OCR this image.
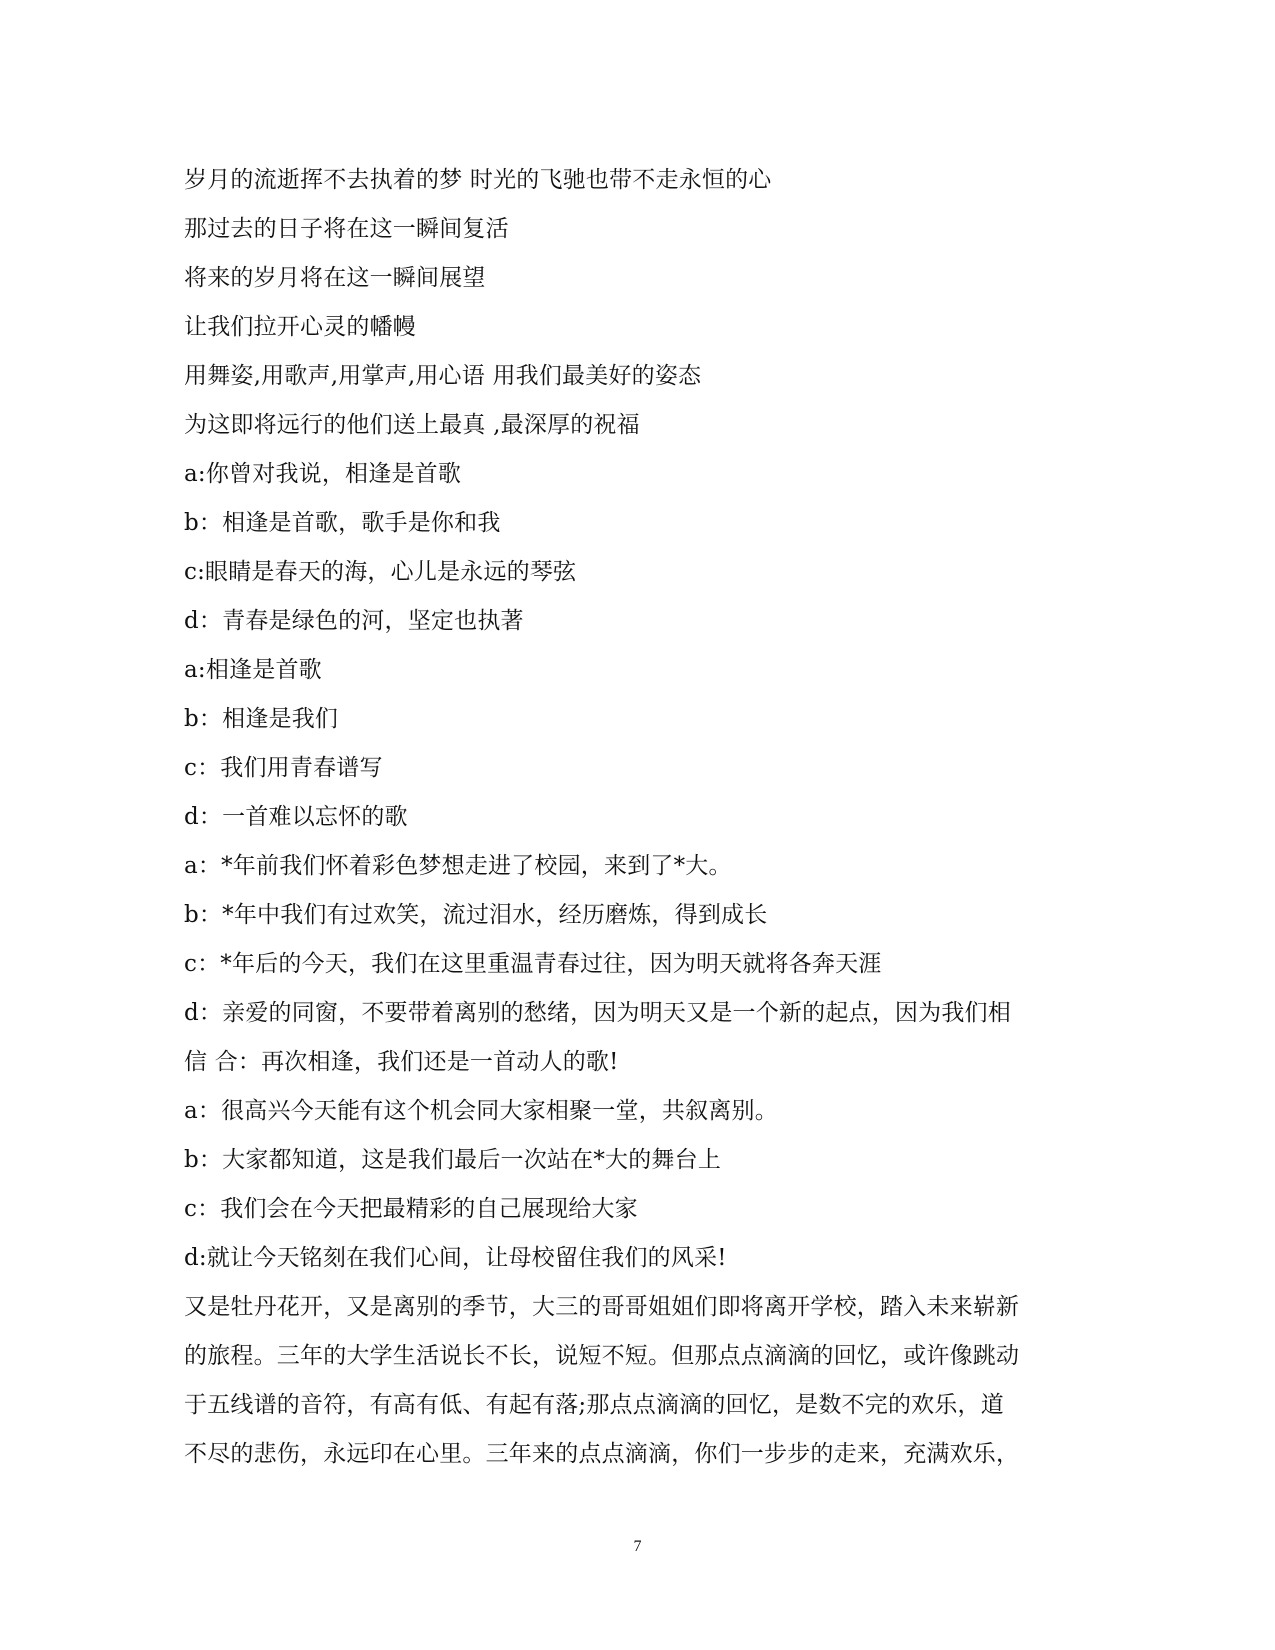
岁月的流逝挥不去执着的梦 时光的飞驰也带不走永恒的心
那过去的日子将在这一瞬间复活
将来的岁月将在这一瞬间展望
让我们拉开心灵的幡幔
用舞姿,用歌声,用掌声,用心语 用我们最美好的姿态
为这即将远行的他们送上最真 ,最深厚的祝福
a:你曾对我说，相逢是首歌
b：相逢是首歌，歌手是你和我
c:眼睛是春天的海，心儿是永远的琴弦
d：青春是绿色的河，坚定也执著
a:相逢是首歌
b：相逢是我们
c：我们用青春谱写
d：一首难以忘怀的歌
a：*年前我们怀着彩色梦想走进了校园，来到了*大。
b：*年中我们有过欢笑，流过泪水，经历磨炼，得到成长
c：*年后的今天，我们在这里重温青春过往，因为明天就将各奔天涯
d：亲爱的同窗，不要带着离别的愁绪，因为明天又是一个新的起点，因为我们相
信 合：再次相逢，我们还是一首动人的歌!
a：很高兴今天能有这个机会同大家相聚一堂，共叙离别。
b：大家都知道，这是我们最后一次站在*大的舞台上
c：我们会在今天把最精彩的自己展现给大家
d:就让今天铭刻在我们心间，让母校留住我们的风采!
又是牡丹花开，又是离别的季节，大三的哥哥姐姐们即将离开学校，踏入未来崭新
的旅程。三年的大学生活说长不长，说短不短。但那点点滴滴的回忆，或许像跳动
于五线谱的音符，有高有低、有起有落;那点点滴滴的回忆，是数不完的欢乐，道
不尽的悲伤，永远印在心里。三年来的点点滴滴，你们一步步的走来，充满欢乐，
7
